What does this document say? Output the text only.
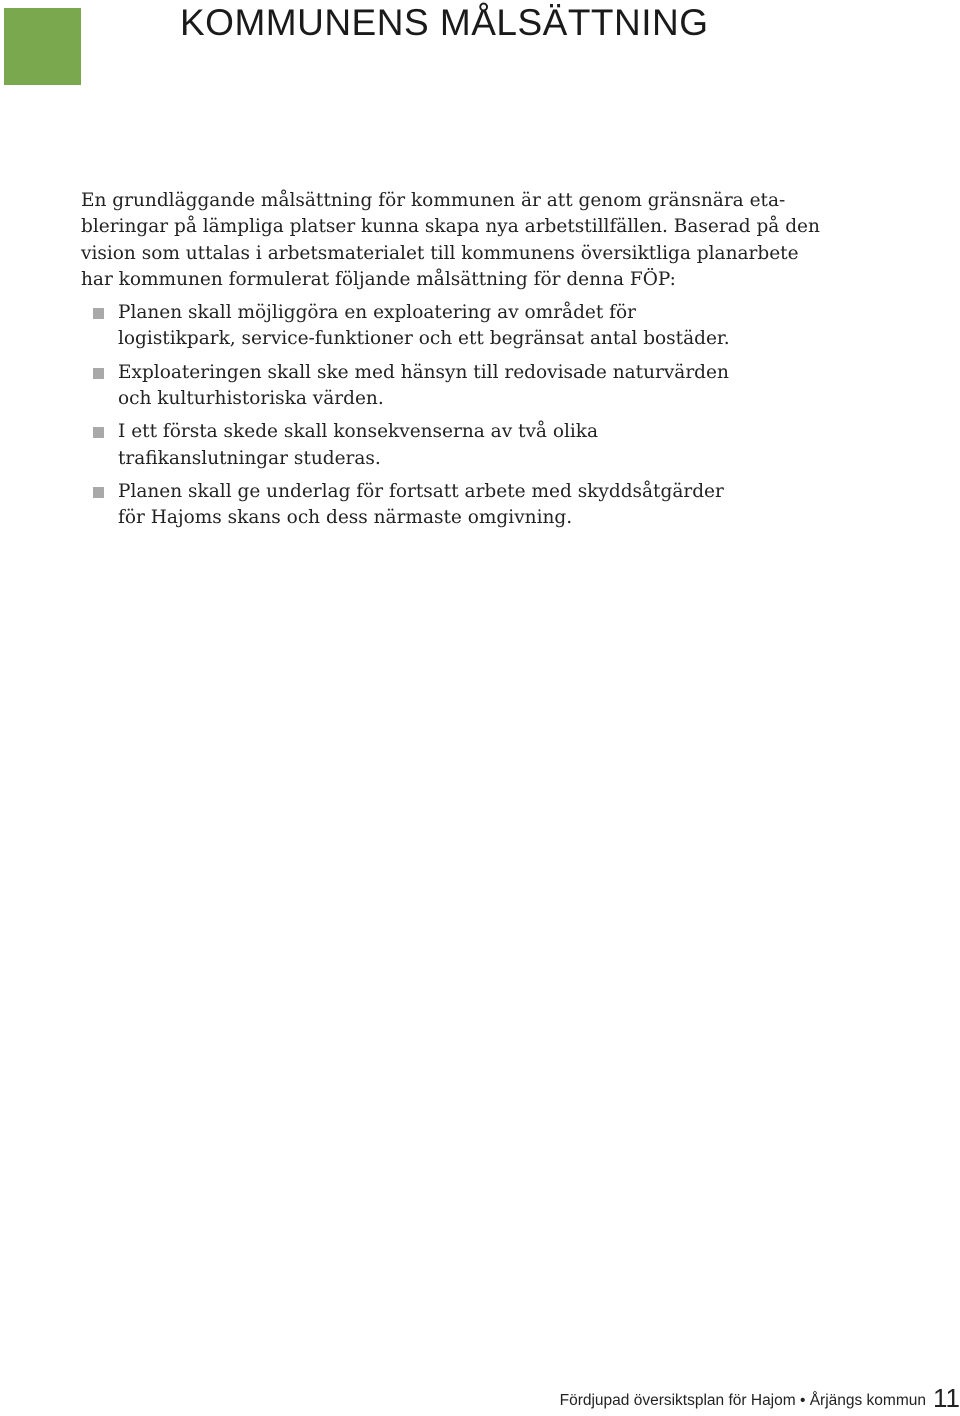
KOMMUNENS MÅLSÄTTNING

En grundläggande målsättning för kommunen är att genom gränsnära eta-
bleringar på lämpliga platser kunna skapa nya arbetstillfällen. Baserad på den
vision som uttalas i arbetsmaterialet till kommunens översiktliga planarbete
har kommunen formulerat följande målsättning för denna FÖP:

Planen skall möjliggöra en exploatering av området för logistikpark, service-funktioner och ett begränsat antal bostäder.
Exploateringen skall ske med hänsyn till redovisade naturvärden och kulturhistoriska värden.
I ett första skede skall konsekvenserna av två olika trafikanslutningar studeras.
Planen skall ge underlag för fortsatt arbete med skyddsåtgärder för Hajoms skans och dess närmaste omgivning.
Fördjupad översiktsplan för Hajom • Årjängs kommun 11
